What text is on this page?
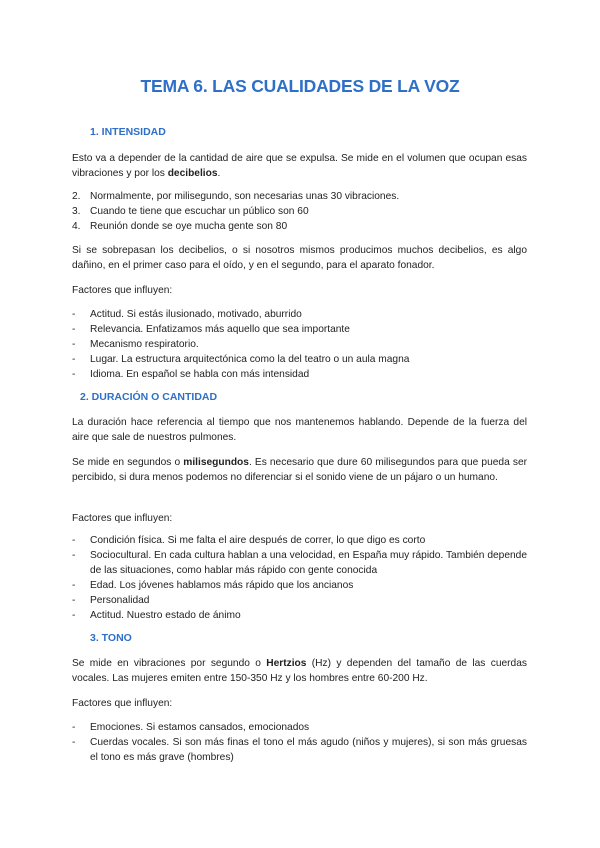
TEMA 6. LAS CUALIDADES DE LA VOZ
1. INTENSIDAD
Esto va a depender de la cantidad de aire que se expulsa. Se mide en el volumen que ocupan esas vibraciones y por los decibelios.
2. Normalmente, por milisegundo, son necesarias unas 30 vibraciones.
3. Cuando te tiene que escuchar un público son 60
4. Reunión donde se oye mucha gente son 80
Si se sobrepasan los decibelios, o si nosotros mismos producimos muchos decibelios, es algo dañino, en el primer caso para el oído, y en el segundo, para el aparato fonador.
Factores que influyen:
-	Actitud. Si estás ilusionado, motivado, aburrido
-	Relevancia. Enfatizamos más aquello que sea importante
-	Mecanismo respiratorio.
-	Lugar. La estructura arquitectónica como la del teatro o un aula magna
-	Idioma. En español se habla con más intensidad
2. DURACIÓN O CANTIDAD
La duración hace referencia al tiempo que nos mantenemos hablando. Depende de la fuerza del aire que sale de nuestros pulmones.
Se mide en segundos o milisegundos. Es necesario que dure 60 milisegundos para que pueda ser percibido, si dura menos podemos no diferenciar si el sonido viene de un pájaro o un humano.
Factores que influyen:
-	Condición física. Si me falta el aire después de correr, lo que digo es corto
-	Sociocultural. En cada cultura hablan a una velocidad, en España muy rápido. También depende de las situaciones, como hablar más rápido con gente conocida
-	Edad. Los jóvenes hablamos más rápido que los ancianos
-	Personalidad
-	Actitud. Nuestro estado de ánimo
3. TONO
Se mide en vibraciones por segundo o Hertzios (Hz) y dependen del tamaño de las cuerdas vocales. Las mujeres emiten entre 150-350 Hz y los hombres entre 60-200 Hz.
Factores que influyen:
-	Emociones. Si estamos cansados, emocionados
-	Cuerdas vocales. Si son más finas el tono el más agudo (niños y mujeres), si son más gruesas el tono es más grave (hombres)
